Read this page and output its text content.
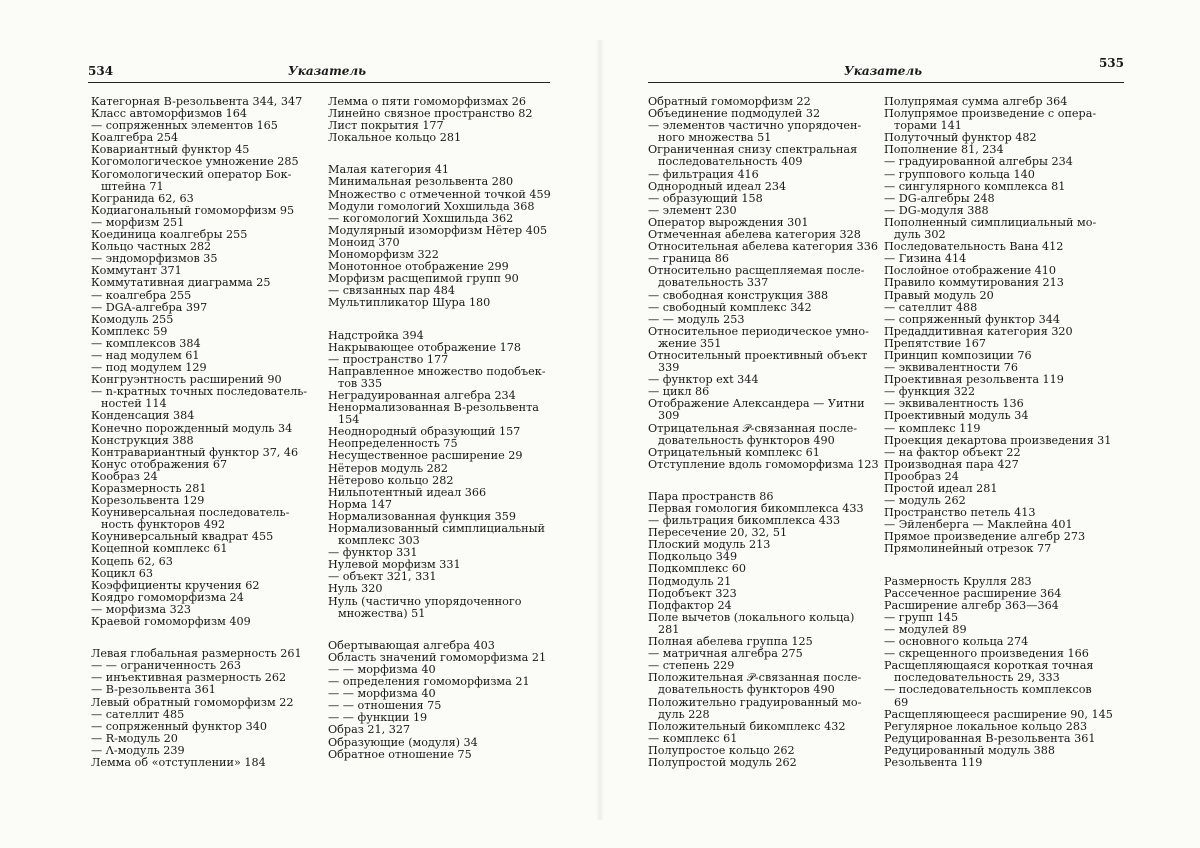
534	Указатель
Категорная B-резольвента 344, 347
Класс автоморфизмов 164
— сопряженных элементов 165
Коалгебра 254
Ковариантный функтор 45
Когомологическое умножение 285
Когомологический оператор Бок-
штейна 71
Когранида 62, 63
Кодиагональный гомоморфизм 95
— морфизм 251
Коединица коалгебры 255
Кольцо частных 282
— эндоморфизмов 35
Коммутант 371
Коммутативная диаграмма 25
— коалгебра 255
— DGA-алгебра 397
Комодуль 255
Комплекс 59
— комплексов 384
— над модулем 61
— под модулем 129
Конгруэнтность расширений 90
— n-кратных точных последователь-
ностей 114
Конденсация 384
Конечно порожденный модуль 34
Конструкция 388
Контравариантный функтор 37, 46
Конус отображения 67
Кообраз 24
Коразмерность 281
Корезольвента 129
Коуниверсальная последователь-
ность функторов 492
Коуниверсальный квадрат 455
Коцепной комплекс 61
Коцепь 62, 63
Коцикл 63
Коэффициенты кручения 62
Коядро гомоморфизма 24
— морфизма 323
Краевой гомоморфизм 409
Левая глобальная размерность 261
— — ограниченность 263
— инъективная размерность 262
— B-резольвента 361
Левый обратный гомоморфизм 22
— сателлит 485
— сопряженный функтор 340
— R-модуль 20
— Λ-модуль 239
Лемма об «отступлении» 184
Лемма о пяти гомоморфизмах 26
Линейно связное пространство 82
Лист покрытия 177
Локальное кольцо 281
Малая категория 41
Минимальная резольвента 280
Множество с отмеченной точкой 459
Модули гомологий Хохшильда 368
— когомологий Хохшильда 362
Модулярный изоморфизм Нётер 405
Моноид 370
Мономорфизм 322
Монотонное отображение 299
Морфизм расщепимой групп 90
— связанных пар 484
Мультипликатор Шура 180
Надстройка 394
Накрывающее отображение 178
— пространство 177
Направленное множество подобъек-
тов 335
Неградуированная алгебра 234
Ненормализованная B-резольвента
154
Неоднородный образующий 157
Неопределенность 75
Несущественное расширение 29
Нётеров модуль 282
Нётерово кольцо 282
Нильпотентный идеал 366
Норма 147
Нормализованная функция 359
Нормализованный симплициальный
комплекс 303
— функтор 331
Нулевой морфизм 331
— объект 321, 331
Нуль 320
Нуль (частично упорядоченного
множества) 51
Обертывающая алгебра 403
Область значений гомоморфизма 21
— — морфизма 40
— определения гомоморфизма 21
— — морфизма 40
— — отношения 75
— — функции 19
Образ 21, 327
Образующие (модуля) 34
Обратное отношение 75
535
Указатель
Обратный гомоморфизм 22
Объединение подмодулей 32
— элементов частично упорядочен-
ного множества 51
Ограниченная снизу спектральная
последовательность 409
— фильтрация 416
Однородный идеал 234
— образующий 158
— элемент 230
Оператор вырождения 301
Отмеченная абелева категория 328
Относительная абелева категория 336
— граница 86
Относительно расщепляемая после-
довательность 337
— свободная конструкция 388
— свободный комплекс 342
— — модуль 253
Относительное периодическое умно-
жение 351
Относительный проективный объект
339
— функтор ext 344
— цикл 86
Отображение Александера — Уитни
309
Отрицательная 𝒫-связанная после-
довательность функторов 490
Отрицательный комплекс 61
Отступление вдоль гомоморфизма 123
Пара пространств 86
Первая гомология бикомплекса 433
— фильтрация бикомплекса 433
Пересечение 20, 32, 51
Плоский модуль 213
Подкольцо 349
Подкомплекс 60
Подмодуль 21
Подобъект 323
Подфактор 24
Поле вычетов (локального кольца)
281
Полная абелева группа 125
— матричная алгебра 275
— степень 229
Положительная 𝒫-связанная после-
довательность функторов 490
Положительно градуированный мо-
дуль 228
Положительный бикомплекс 432
— комплекс 61
Полупростое кольцо 262
Полупростой модуль 262
Полупрямая сумма алгебр 364
Полупрямое произведение с опера-
торами 141
Полуточный функтор 482
Пополнение 81, 234
— градуированной алгебры 234
— группового кольца 140
— сингулярного комплекса 81
— DG-алгебры 248
— DG-модуля 388
Пополненный симплициальный мо-
дуль 302
Последовательность Вана 412
— Гизина 414
Послойное отображение 410
Правило коммутирования 213
Правый модуль 20
— сателлит 488
— сопряженный функтор 344
Предаддитивная категория 320
Препятствие 167
Принцип композиции 76
— эквивалентности 76
Проективная резольвента 119
— функция 322
— эквивалентность 136
Проективный модуль 34
— комплекс 119
Проекция декартова произведения 31
— на фактор объект 22
Производная пара 427
Прообраз 24
Простой идеал 281
— модуль 262
Пространство петель 413
— Эйленберга — Маклейна 401
Прямое произведение алгебр 273
Прямолинейный отрезок 77
Размерность Крулля 283
Рассеченное расширение 364
Расширение алгебр 363—364
— групп 145
— модулей 89
— основного кольца 274
— скрещенного произведения 166
Расщепляющаяся короткая точная
последовательность 29, 333
— последовательность комплексов
69
Расщепляющееся расширение 90, 145
Регулярное локальное кольцо 283
Редуцированная B-резольвента 361
Редуцированный модуль 388
Резольвента 119
